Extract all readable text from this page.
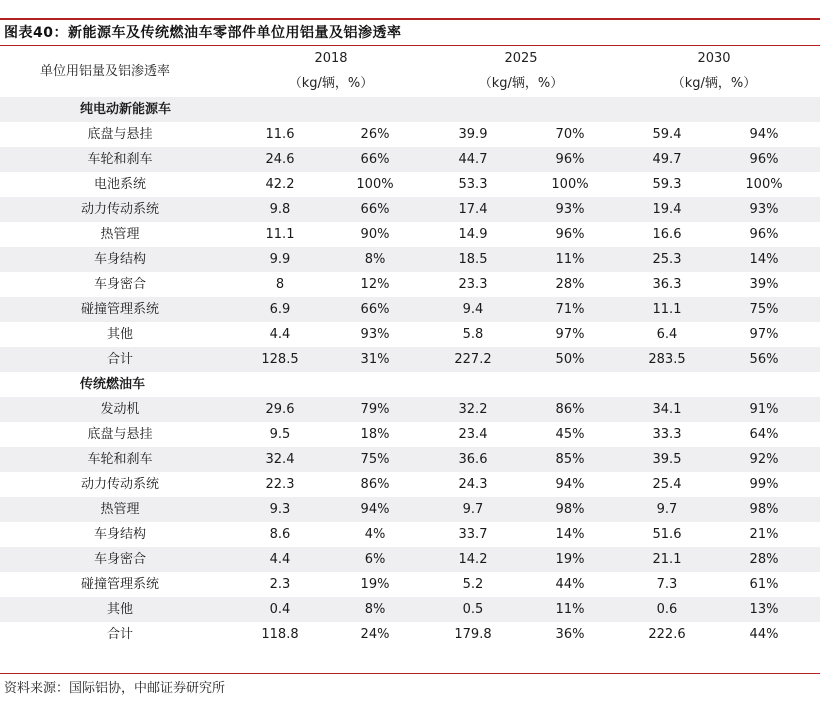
图表40：新能源车及传统燃油车零部件单位用铝量及铝渗透率
单位用铝量及铝渗透率
2018	2025	2030
（kg/辆，%）	（kg/辆，%）	（kg/辆，%）
纯电动新能源车
底盘与悬挂	11.6	26%	39.9	70%	59.4	94%
车轮和刹车	24.6	66%	44.7	96%	49.7	96%
电池系统	42.2	100%	53.3	100%	59.3	100%
动力传动系统	9.8	66%	17.4	93%	19.4	93%
热管理	11.1	90%	14.9	96%	16.6	96%
车身结构	9.9	8%	18.5	11%	25.3	14%
车身密合	8	12%	23.3	28%	36.3	39%
碰撞管理系统	6.9	66%	9.4	71%	11.1	75%
其他	4.4	93%	5.8	97%	6.4	97%
合计	128.5	31%	227.2	50%	283.5	56%
传统燃油车
发动机	29.6	79%	32.2	86%	34.1	91%
底盘与悬挂	9.5	18%	23.4	45%	33.3	64%
车轮和刹车	32.4	75%	36.6	85%	39.5	92%
动力传动系统	22.3	86%	24.3	94%	25.4	99%
热管理	9.3	94%	9.7	98%	9.7	98%
车身结构	8.6	4%	33.7	14%	51.6	21%
车身密合	4.4	6%	14.2	19%	21.1	28%
碰撞管理系统	2.3	19%	5.2	44%	7.3	61%
其他	0.4	8%	0.5	11%	0.6	13%
合计	118.8	24%	179.8	36%	222.6	44%
资料来源：国际铝协，中邮证券研究所
